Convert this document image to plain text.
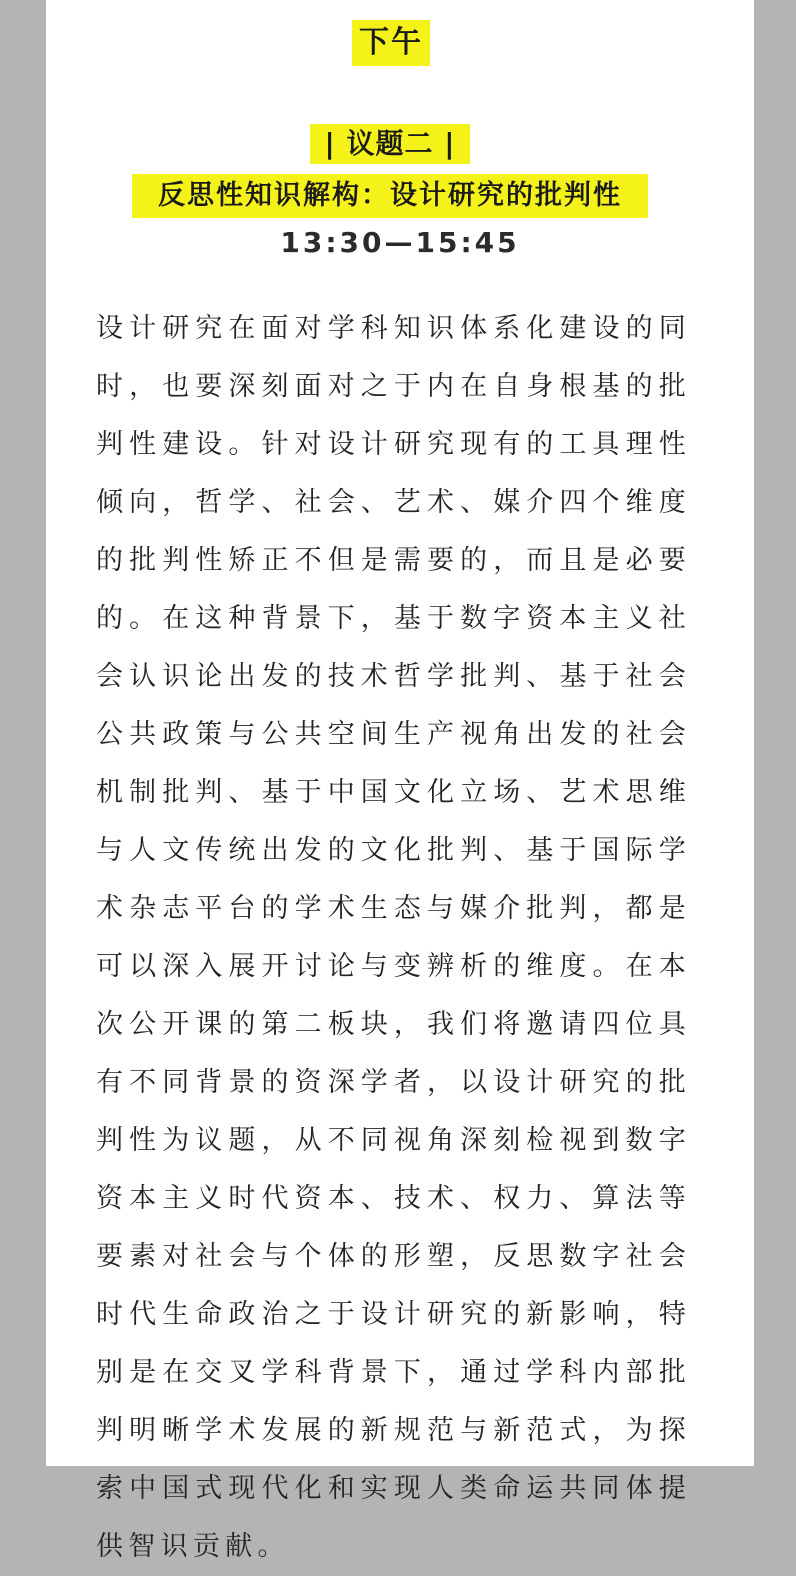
下午
| 议题二 |
反思性知识解构：设计研究的批判性
13:30—15:45

设计研究在面对学科知识体系化建设的同时，也要深刻面对之于内在自身根基的批判性建设。针对设计研究现有的工具理性倾向，哲学、社会、艺术、媒介四个维度的批判性矫正不但是需要的，而且是必要的。在这种背景下，基于数字资本主义社会认识论出发的技术哲学批判、基于社会公共政策与公共空间生产视角出发的社会机制批判、基于中国文化立场、艺术思维与人文传统出发的文化批判、基于国际学术杂志平台的学术生态与媒介批判，都是可以深入展开讨论与变辨析的维度。在本次公开课的第二板块，我们将邀请四位具有不同背景的资深学者，以设计研究的批判性为议题，从不同视角深刻检视到数字资本主义时代资本、技术、权力、算法等要素对社会与个体的形塑，反思数字社会时代生命政治之于设计研究的新影响，特别是在交叉学科背景下，通过学科内部批判明晰学术发展的新规范与新范式，为探索中国式现代化和实现人类命运共同体提供智识贡献。
